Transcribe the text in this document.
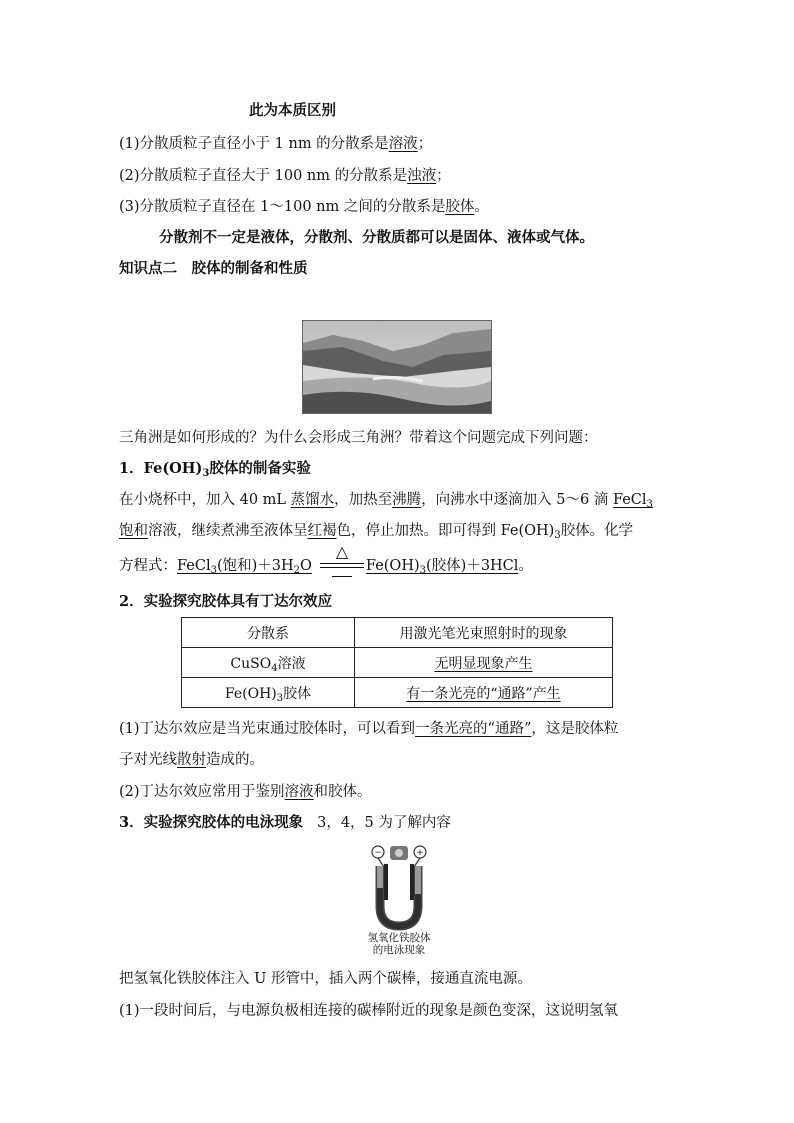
此为本质区别
(1)分散质粒子直径小于 1 nm 的分散系是溶液；
(2)分散质粒子直径大于 100 nm 的分散系是浊液；
(3)分散质粒子直径在 1～100 nm 之间的分散系是胶体。
分散剂不一定是液体，分散剂、分散质都可以是固体、液体或气体。
知识点二　胶体的制备和性质
三角洲是如何形成的？为什么会形成三角洲？带着这个问题完成下列问题：
1．$Fe(OH)_3$胶体的制备实验
在小烧杯中，加入 40 mL 蒸馏水，加热至沸腾，向沸水中逐滴加入 5～6 滴 FeCl$_3$
饱和溶液，继续煮沸至液体呈红褐色，停止加热。即可得到 $Fe(OH)_3$胶体。化学
方程式：FeCl$_3$(饱和)$+3H_2O$	$Fe(OH)_3$(胶体)＋3HCl。
△
2．实验探究胶体具有丁达尔效应
分散系	用激光笔光束照射时的现象
CuSO$_4$溶液	无明显现象产生
$Fe(OH)_3$胶体	有一条光亮的“通路”产生
(1)丁达尔效应是当光束通过胶体时，可以看到一条光亮的“通路”，这是胶体粒
子对光线散射造成的。
(2)丁达尔效应常用于鉴别溶液和胶体。
3．实验探究胶体的电泳现象 3，4，5 为了解内容
−	+
氢氧化铁胶体
的电泳现象
把氢氧化铁胶体注入 U 形管中，插入两个碳棒，接通直流电源。
(1)一段时间后，与电源负极相连接的碳棒附近的现象是颜色变深，这说明氢氧
